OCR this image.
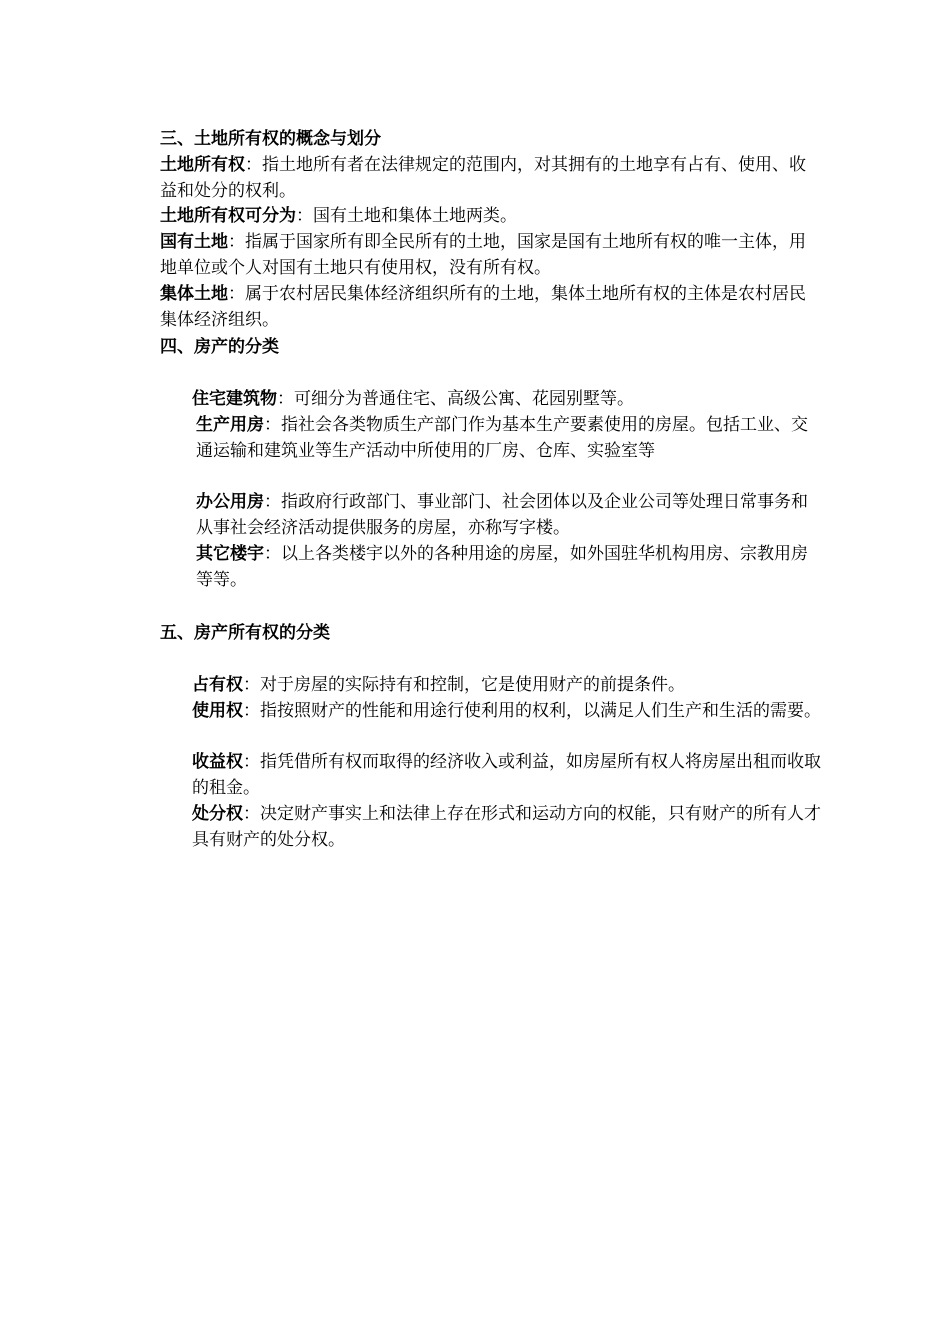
三、土地所有权的概念与划分

土地所有权：指土地所有者在法律规定的范围内，对其拥有的土地享有占有、使用、收益和处分的权利。

土地所有权可分为：国有土地和集体土地两类。

国有土地：指属于国家所有即全民所有的土地，国家是国有土地所有权的唯一主体，用地单位或个人对国有土地只有使用权，没有所有权。

集体土地：属于农村居民集体经济组织所有的土地，集体土地所有权的主体是农村居民集体经济组织。

四、房产的分类

住宅建筑物：可细分为普通住宅、高级公寓、花园别墅等。

生产用房：指社会各类物质生产部门作为基本生产要素使用的房屋。包括工业、交通运输和建筑业等生产活动中所使用的厂房、仓库、实验室等

办公用房：指政府行政部门、事业部门、社会团体以及企业公司等处理日常事务和从事社会经济活动提供服务的房屋，亦称写字楼。

其它楼宇：以上各类楼宇以外的各种用途的房屋，如外国驻华机构用房、宗教用房等等。

五、房产所有权的分类

占有权：对于房屋的实际持有和控制，它是使用财产的前提条件。

使用权：指按照财产的性能和用途行使利用的权利，以满足人们生产和生活的需要。

收益权：指凭借所有权而取得的经济收入或利益，如房屋所有权人将房屋出租而收取的租金。

处分权：决定财产事实上和法律上存在形式和运动方向的权能，只有财产的所有人才具有财产的处分权。
